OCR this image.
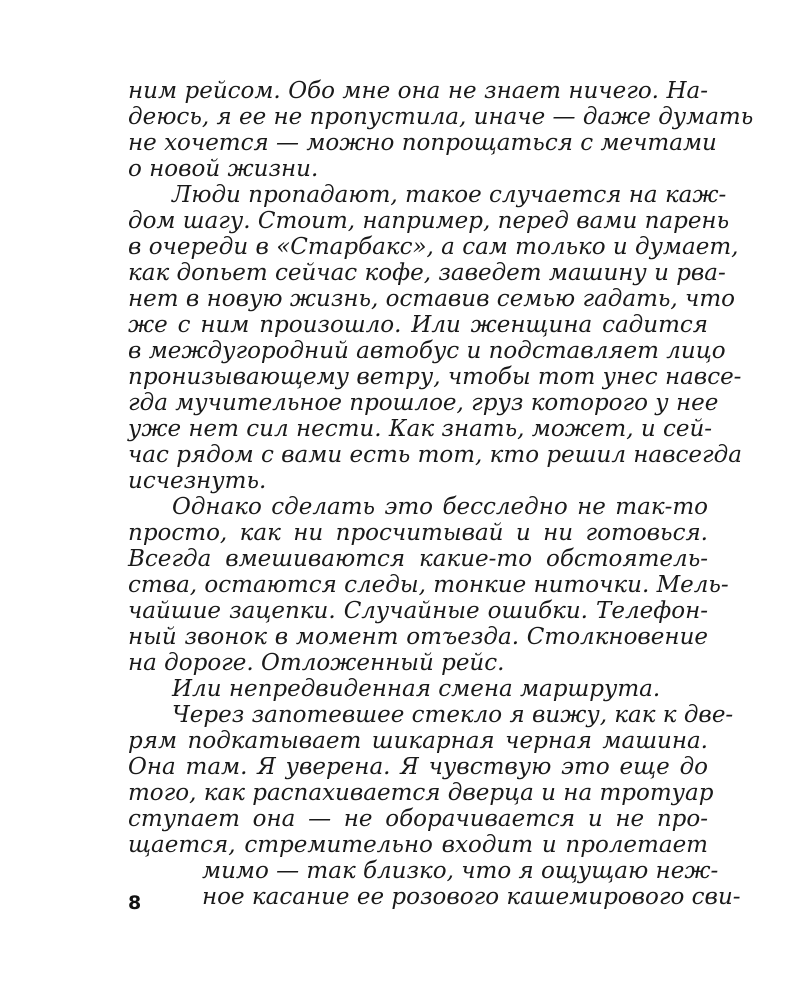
ним рейсом. Обо мне она не знает ничего. На-
деюсь, я ее не пропустила, иначе — даже думать
не хочется — можно попрощаться с мечтами
о новой жизни.
Люди пропадают, такое случается на каж-
дом шагу. Стоит, например, перед вами парень
в очереди в «Старбакс», а сам только и думает,
как допьет сейчас кофе, заведет машину и рва-
нет в новую жизнь, оставив семью гадать, что
же с ним произошло. Или женщина садится
в междугородний автобус и подставляет лицо
пронизывающему ветру, чтобы тот унес навсе-
гда мучительное прошлое, груз которого у нее
уже нет сил нести. Как знать, может, и сей-
час рядом с вами есть тот, кто решил навсегда
исчезнуть.
Однако сделать это бесследно не так-то
просто, как ни просчитывай и ни готовься.
Всегда вмешиваются какие-то обстоятель-
ства, остаются следы, тонкие ниточки. Мель-
чайшие зацепки. Случайные ошибки. Телефон-
ный звонок в момент отъезда. Столкновение
на дороге. Отложенный рейс.
Или непредвиденная смена маршрута.
Через запотевшее стекло я вижу, как к две-
рям подкатывает шикарная черная машина.
Она там. Я уверена. Я чувствую это еще до
того, как распахивается дверца и на тротуар
ступает она — не оборачивается и не про-
щается, стремительно входит и пролетает
мимо — так близко, что я ощущаю неж-
ное касание ее розового кашемирового сви-
8
